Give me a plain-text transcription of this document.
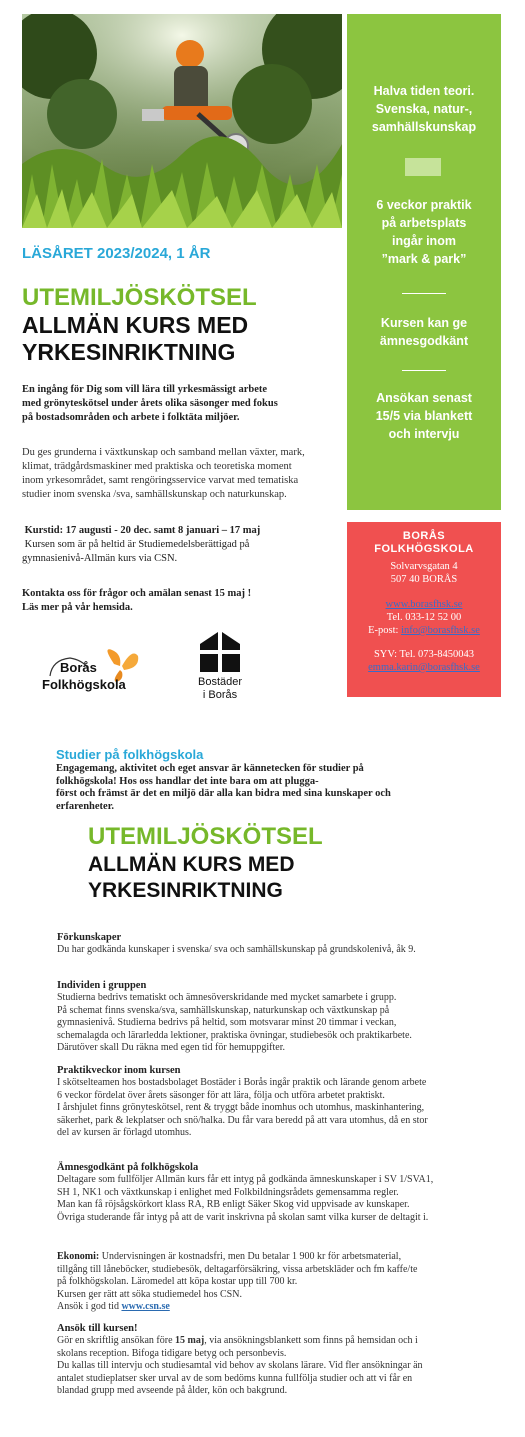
Halva tiden teori.
Svenska, natur-,
samhällskunskap
6 veckor praktik
på arbetsplats
ingår inom
”mark & park”
Kursen kan ge
ämnesgodkänt
Ansökan senast
15/5 via blankett
och intervju
BORÅS
FOLKHÖGSKOLA
Solvarvsgatan 4
507 40 BORÅS
www.borasfhsk.se
Tel. 033-12 52 00
E-post: info@borasfhsk.se
SYV: Tel. 073-8450043
emma.karin@borasfhsk.se
LÄSÅRET 2023/2024, 1 ÅR
UTEMILJÖSKÖTSEL
ALLMÄN KURS MED
YRKESINRIKTNING
En ingång för Dig som vill lära till yrkesmässigt arbete
med grönyteskötsel under årets olika säsonger med fokus
på bostadsområden och arbete i folktäta miljöer.
Du ges grunderna i växtkunskap och samband mellan växter, mark,
klimat, trädgårdsmaskiner med praktiska och teoretiska moment
inom yrkesområdet, samt rengöringsservice varvat med tematiska
studier inom svenska /sva, samhällskunskap och naturkunskap.
Kurstid: 17 augusti - 20 dec. samt 8 januari – 17 maj
Kursen som är på heltid är Studiemedelsberättigad på
gymnasienivå-Allmän kurs via CSN.
Kontakta oss för frågor och amälan senast 15 maj !
Läs mer på vår hemsida.
Borås
Folkhögskola	Bostäder
i Borås
Studier på folkhögskola
Engagemang, aktivitet och eget ansvar är kännetecken för studier på
folkhögskola! Hos oss handlar det inte bara om att plugga-
först och främst är det en miljö där alla kan bidra med sina kunskaper och
erfarenheter.
UTEMILJÖSKÖTSEL
ALLMÄN KURS MED
YRKESINRIKTNING
Förkunskaper
Du har godkända kunskaper i svenska/ sva och samhällskunskap på grundskolenivå, åk 9.
Individen i gruppen
Studierna bedrivs tematiskt och ämnesöverskridande med mycket samarbete i grupp.
På schemat finns svenska/sva, samhällskunskap, naturkunskap och växtkunskap på
gymnasienivå. Studierna bedrivs på heltid, som motsvarar minst 20 timmar i veckan,
schemalagda och lärarledda lektioner, praktiska övningar, studiebesök och praktikarbete.
Därutöver skall Du räkna med egen tid för hemuppgifter.
Praktikveckor inom kursen
I skötselteamen hos bostadsbolaget Bostäder i Borås ingår praktik och lärande genom arbete
6 veckor fördelat över årets säsonger för att lära, följa och utföra arbetet praktiskt.
I årshjulet finns grönyteskötsel, rent & tryggt både inomhus och utomhus, maskinhantering,
säkerhet, park & lekplatser och snö/halka. Du får vara beredd på att vara utomhus, då en stor
del av kursen är förlagd utomhus.
Ämnesgodkänt på folkhögskola
Deltagare som fullföljer Allmän kurs får ett intyg på godkända ämneskunskaper i SV 1/SVA1,
SH 1, NK1 och växtkunskap i enlighet med Folkbildningsrådets gemensamma regler.
Man kan få röjsågskörkort klass RA, RB enligt Säker Skog vid uppvisade av kunskaper.
Övriga studerande får intyg på att de varit inskrivna på skolan samt vilka kurser de deltagit i.
Ekonomi: Undervisningen är kostnadsfri, men Du betalar 1 900 kr för arbetsmaterial,
tillgång till låneböcker, studiebesök, deltagarförsäkring, vissa arbetskläder och fm kaffe/te
på folkhögskolan. Läromedel att köpa kostar upp till 700 kr.
Kursen ger rätt att söka studiemedel hos CSN.
Ansök i god tid www.csn.se
Ansök till kursen!
Gör en skriftlig ansökan före 15 maj, via ansökningsblankett som finns på hemsidan och i
skolans reception. Bifoga tidigare betyg och personbevis.
Du kallas till intervju och studiesamtal vid behov av skolans lärare. Vid fler ansökningar än
antalet studieplatser sker urval av de som bedöms kunna fullfölja studier och att vi får en
blandad grupp med avseende på ålder, kön och bakgrund.
